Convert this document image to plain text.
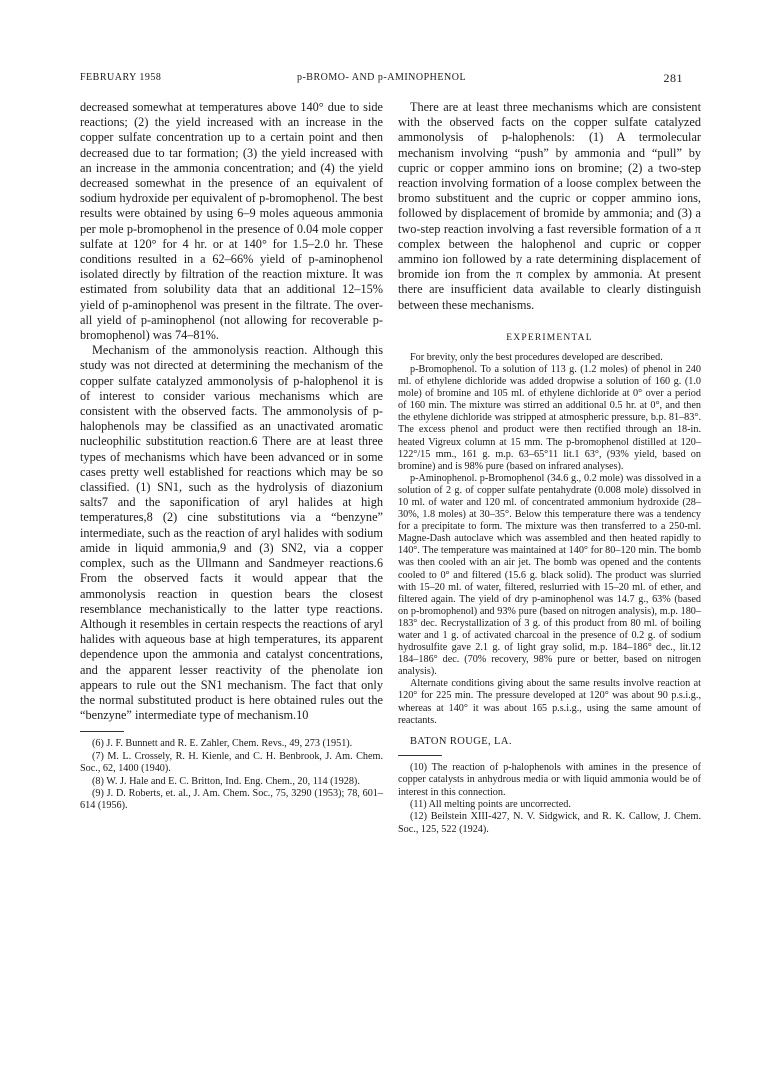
FEBRUARY 1958	p-BROMO- AND p-AMINOPHENOL	281

decreased somewhat at temperatures above 140° due to side reactions; (2) the yield increased with an increase in the copper sulfate concentration up to a certain point and then decreased due to tar formation; (3) the yield increased with an increase in the ammonia concentration; and (4) the yield decreased somewhat in the presence of an equivalent of sodium hydroxide per equivalent of p-bromophenol. The best results were obtained by using 6–9 moles aqueous ammonia per mole p-bromophenol in the presence of 0.04 mole copper sulfate at 120° for 4 hr. or at 140° for 1.5–2.0 hr. These conditions resulted in a 62–66% yield of p-aminophenol isolated directly by filtration of the reaction mixture. It was estimated from solubility data that an additional 12–15% yield of p-aminophenol was present in the filtrate. The over-all yield of p-aminophenol (not allowing for recoverable p-bromophenol) was 74–81%.

Mechanism of the ammonolysis reaction. Although this study was not directed at determining the mechanism of the copper sulfate catalyzed ammonolysis of p-halophenol it is of interest to consider various mechanisms which are consistent with the observed facts. The ammonolysis of p-halophenols may be classified as an unactivated aromatic nucleophilic substitution reaction.6 There are at least three types of mechanisms which have been advanced or in some cases pretty well established for reactions which may be so classified. (1) SN1, such as the hydrolysis of diazonium salts7 and the saponification of aryl halides at high temperatures,8 (2) cine substitutions via a “benzyne” intermediate, such as the reaction of aryl halides with sodium amide in liquid ammonia,9 and (3) SN2, via a copper complex, such as the Ullmann and Sandmeyer reactions.6 From the observed facts it would appear that the ammonolysis reaction in question bears the closest resemblance mechanistically to the latter type reactions. Although it resembles in certain respects the reactions of aryl halides with aqueous base at high temperatures, its apparent dependence upon the ammonia and catalyst concentrations, and the apparent lesser reactivity of the phenolate ion appears to rule out the SN1 mechanism. The fact that only the normal substituted product is here obtained rules out the “benzyne” intermediate type of mechanism.10

(6) J. F. Bunnett and R. E. Zahler, Chem. Revs., 49, 273 (1951).

(7) M. L. Crossely, R. H. Kienle, and C. H. Benbrook, J. Am. Chem. Soc., 62, 1400 (1940).

(8) W. J. Hale and E. C. Britton, Ind. Eng. Chem., 20, 114 (1928).

(9) J. D. Roberts, et. al., J. Am. Chem. Soc., 75, 3290 (1953); 78, 601–614 (1956).

There are at least three mechanisms which are consistent with the observed facts on the copper sulfate catalyzed ammonolysis of p-halophenols: (1) A termolecular mechanism involving “push” by ammonia and “pull” by cupric or copper ammino ions on bromine; (2) a two-step reaction involving formation of a loose complex between the bromo substituent and the cupric or copper ammino ions, followed by displacement of bromide by ammonia; and (3) a two-step reaction involving a fast reversible formation of a π complex between the halophenol and cupric or copper ammino ion followed by a rate determining displacement of bromide ion from the π complex by ammonia. At present there are insufficient data available to clearly distinguish between these mechanisms.

EXPERIMENTAL

For brevity, only the best procedures developed are described.

p-Bromophenol. To a solution of 113 g. (1.2 moles) of phenol in 240 ml. of ethylene dichloride was added dropwise a solution of 160 g. (1.0 mole) of bromine and 105 ml. of ethylene dichloride at 0° over a period of 160 min. The mixture was stirred an additional 0.5 hr. at 0°, and then the ethylene dichloride was stripped at atmospheric pressure, b.p. 81–83°. The excess phenol and product were then rectified through an 18-in. heated Vigreux column at 15 mm. The p-bromophenol distilled at 120–122°/15 mm., 161 g. m.p. 63–65°11 lit.1 63°, (93% yield, based on bromine) and is 98% pure (based on infrared analyses).

p-Aminophenol. p-Bromophenol (34.6 g., 0.2 mole) was dissolved in a solution of 2 g. of copper sulfate pentahydrate (0.008 mole) dissolved in 10 ml. of water and 120 ml. of concentrated ammonium hydroxide (28–30%, 1.8 moles) at 30–35°. Below this temperature there was a tendency for a precipitate to form. The mixture was then transferred to a 250-ml. Magne-Dash autoclave which was assembled and then heated rapidly to 140°. The temperature was maintained at 140° for 80–120 min. The bomb was then cooled with an air jet. The bomb was opened and the contents cooled to 0° and filtered (15.6 g. black solid). The product was slurried with 15–20 ml. of water, filtered, reslurried with 15–20 ml. of ether, and filtered again. The yield of dry p-aminophenol was 14.7 g., 63% (based on p-bromophenol) and 93% pure (based on nitrogen analysis), m.p. 180–183° dec. Recrystallization of 3 g. of this product from 80 ml. of boiling water and 1 g. of activated charcoal in the presence of 0.2 g. of sodium hydrosulfite gave 2.1 g. of light gray solid, m.p. 184–186° dec., lit.12 184–186° dec. (70% recovery, 98% pure or better, based on nitrogen analysis).

Alternate conditions giving about the same results involve reaction at 120° for 225 min. The pressure developed at 120° was about 90 p.s.i.g., whereas at 140° it was about 165 p.s.i.g., using the same amount of reactants.

BATON ROUGE, LA.

(10) The reaction of p-halophenols with amines in the presence of copper catalysts in anhydrous media or with liquid ammonia would be of interest in this connection.

(11) All melting points are uncorrected.

(12) Beilstein XIII-427, N. V. Sidgwick, and R. K. Callow, J. Chem. Soc., 125, 522 (1924).
